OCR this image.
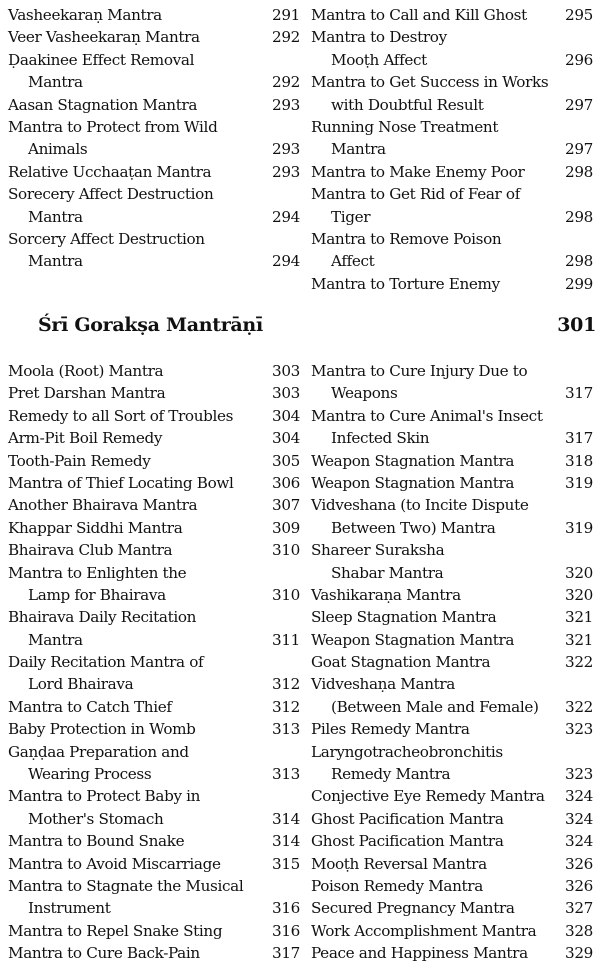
Vasheekaraṇ Mantra	291
Veer Vasheekaraṇ Mantra	292
Ḍaakinee Effect Removal
Mantra	292
Aasan Stagnation Mantra	293
Mantra to Protect from Wild
Animals	293
Relative Ucchaaṭan Mantra	293
Sorecery Affect Destruction
Mantra	294
Sorcery Affect Destruction
Mantra	294
Mantra to Call and Kill Ghost	295
Mantra to Destroy
Mooṭh Affect	296
Mantra to Get Success in Works
with Doubtful Result	297
Running Nose Treatment
Mantra	297
Mantra to Make Enemy Poor	298
Mantra to Get Rid of Fear of
Tiger	298
Mantra to Remove Poison
Affect	298
Mantra to Torture Enemy	299
Śrī Gorakṣa Mantrāṇī	301
Moola (Root) Mantra	303
Pret Darshan Mantra	303
Remedy to all Sort of Troubles	304
Arm-Pit Boil Remedy	304
Tooth-Pain Remedy	305
Mantra of Thief Locating Bowl	306
Another Bhairava Mantra	307
Khappar Siddhi Mantra	309
Bhairava Club Mantra	310
Mantra to Enlighten the
Lamp for Bhairava	310
Bhairava Daily Recitation
Mantra	311
Daily Recitation Mantra of
Lord Bhairava	312
Mantra to Catch Thief	312
Baby Protection in Womb	313
Gaṇḍaa Preparation and
Wearing Process	313
Mantra to Protect Baby in
Mother's Stomach	314
Mantra to Bound Snake	314
Mantra to Avoid Miscarriage	315
Mantra to Stagnate the Musical
Instrument	316
Mantra to Repel Snake Sting	316
Mantra to Cure Back-Pain	317
Mantra to Cure Injury Due to
Weapons	317
Mantra to Cure Animal's Insect
Infected Skin	317
Weapon Stagnation Mantra	318
Weapon Stagnation Mantra	319
Vidveshana (to Incite Dispute
Between Two) Mantra	319
Shareer Suraksha
Shabar Mantra	320
Vashikaraṇa Mantra	320
Sleep Stagnation Mantra	321
Weapon Stagnation Mantra	321
Goat Stagnation Mantra	322
Vidveshaṇa Mantra
(Between Male and Female)	322
Piles Remedy Mantra	323
Laryngotracheobronchitis
Remedy Mantra	323
Conjective Eye Remedy Mantra	324
Ghost Pacification Mantra	324
Ghost Pacification Mantra	324
Mooṭh Reversal Mantra	326
Poison Remedy Mantra	326
Secured Pregnancy Mantra	327
Work Accomplishment Mantra	328
Peace and Happiness Mantra	329
